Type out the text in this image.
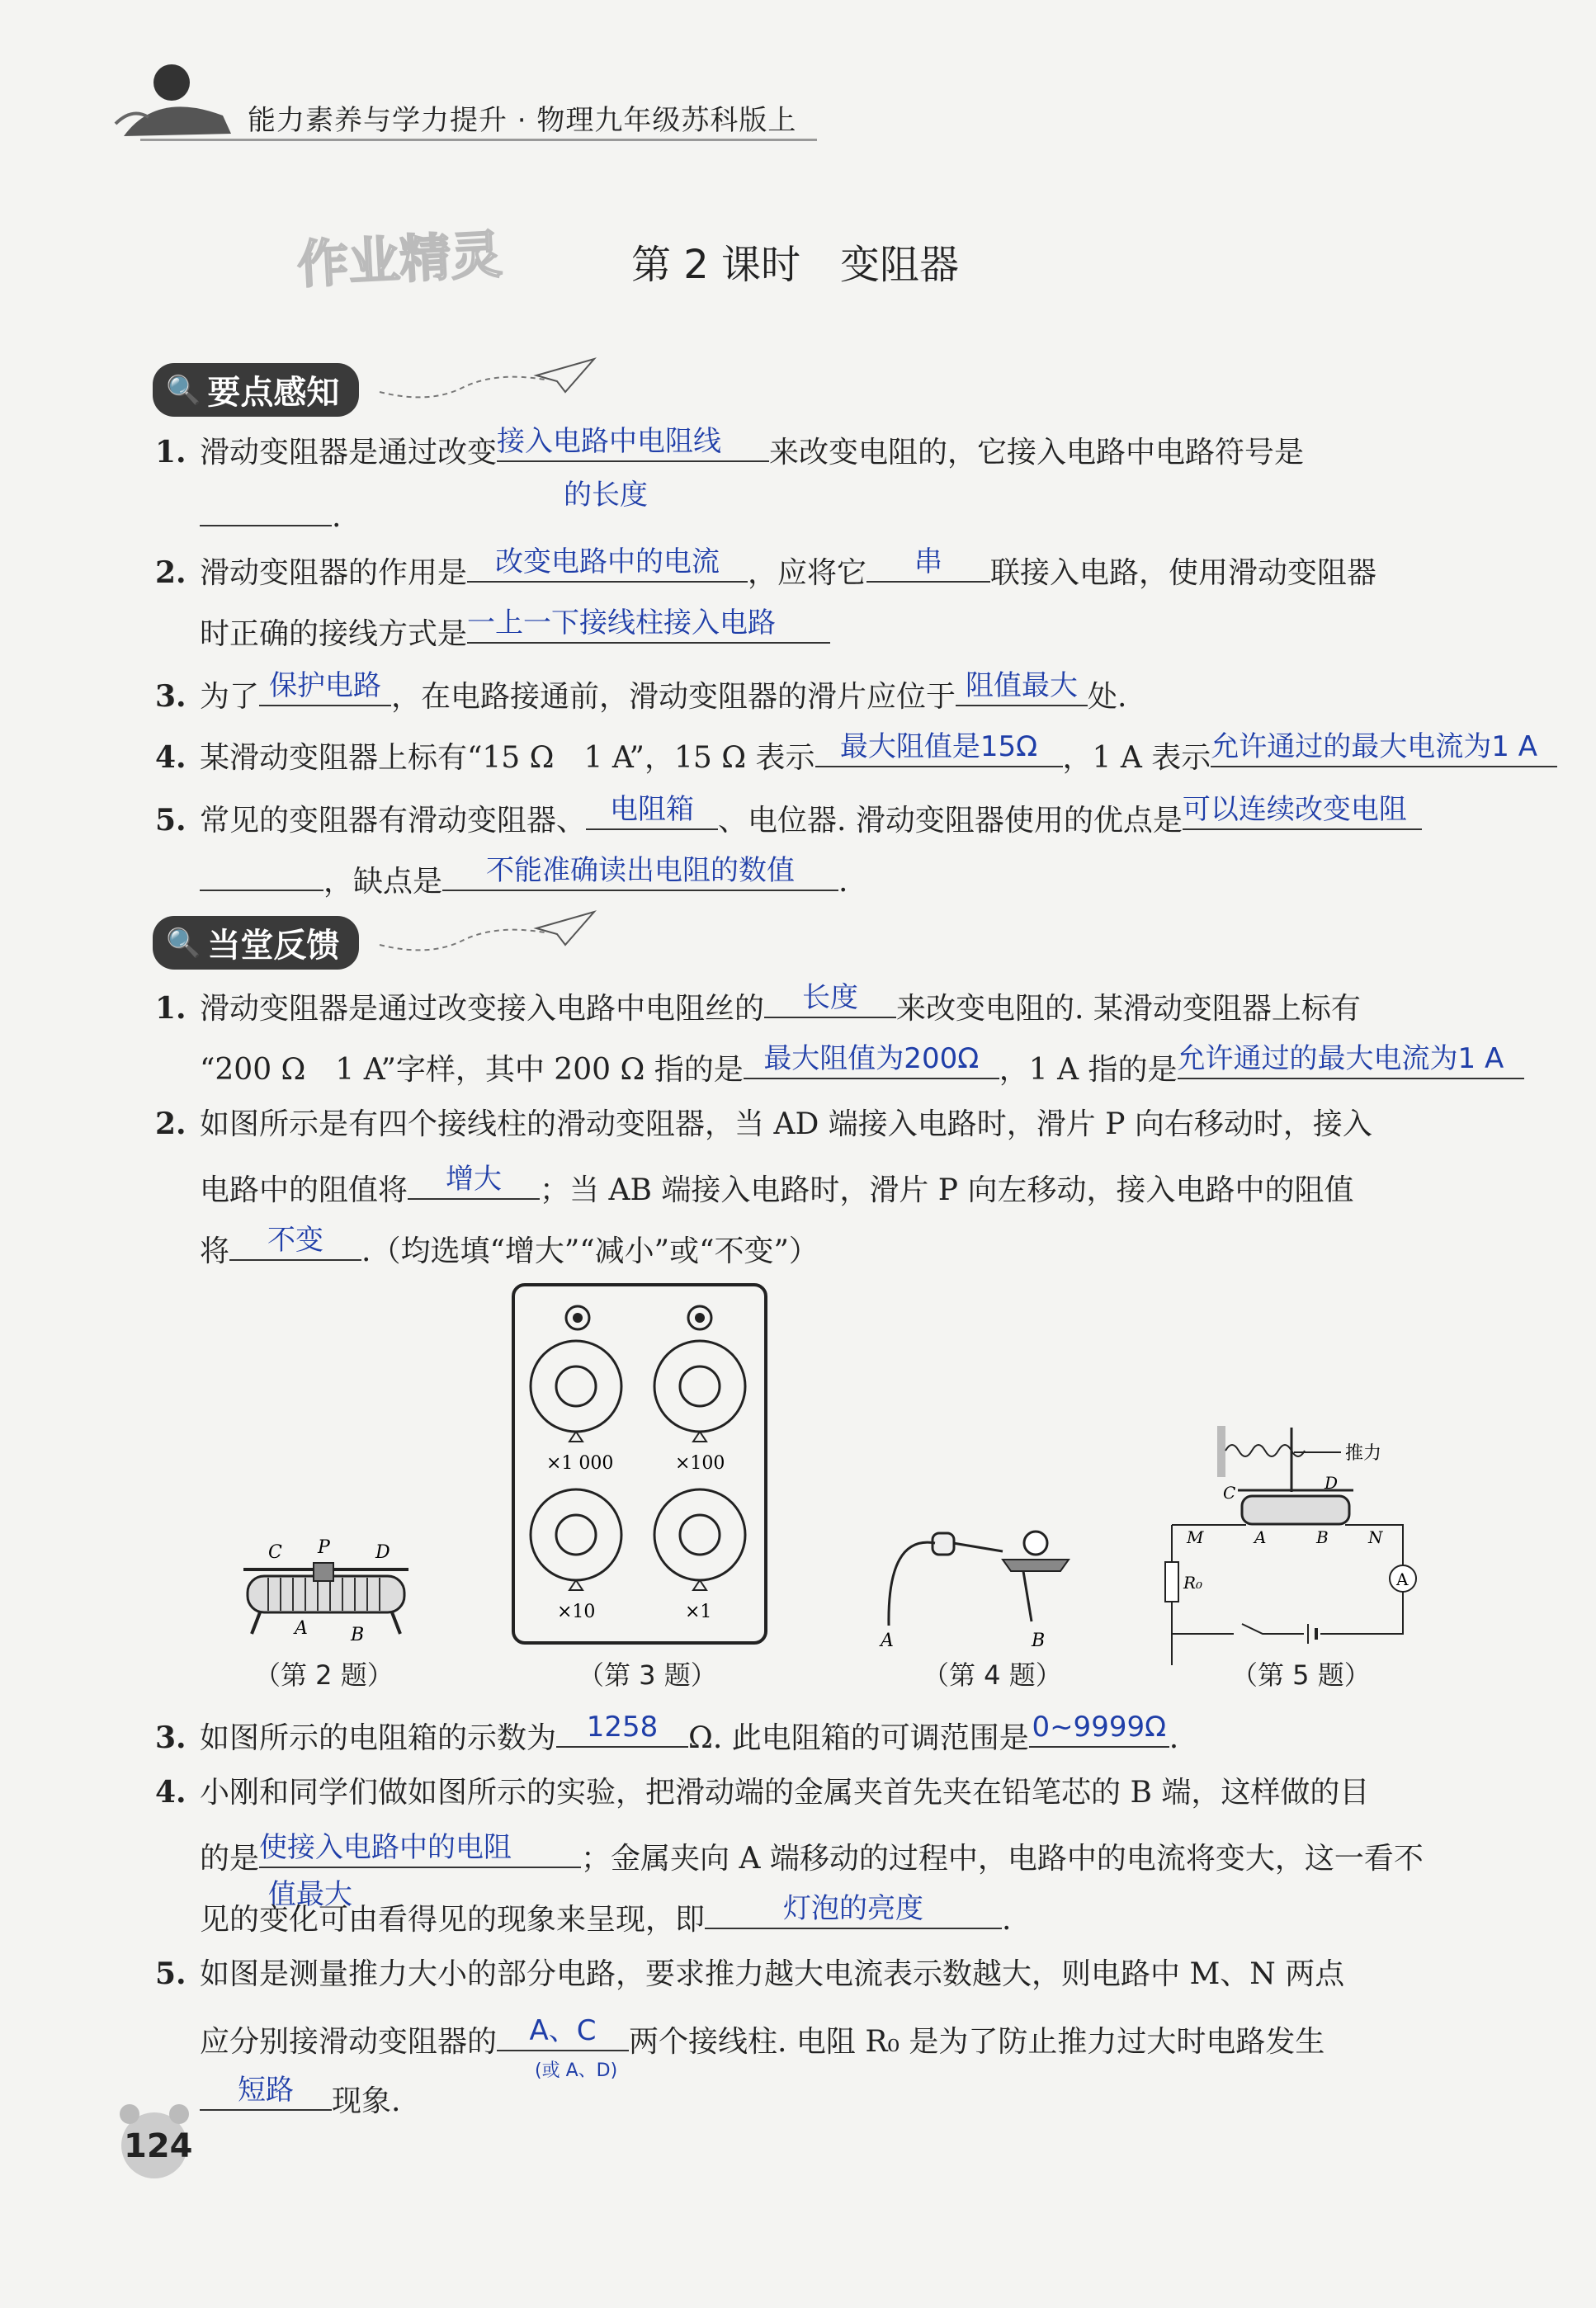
能力素养与学力提升 · 物理九年级苏科版上
作业精灵	第 2 课时　变阻器
🔍 要点感知
1. 滑动变阻器是通过改变 接入电路中电阻线	来改变电阻的，它接入电路中电路符号是
的长度
.
2. 滑动变阻器的作用是	改变电路中的电流 ，应将它	串	联接入电路，使用滑动变阻器
时正确的接线方式是 一上一下接线柱接入电路
3. 为了 保护电路 ，在电路接通前，滑动变阻器的滑片应位于 阻值最大 处.
4. 某滑动变阻器上标有“15 Ω　1 A”，15 Ω 表示 最大阻值是15Ω ，1 A 表示 允许通过的最大电流为1 A
5. 常见的变阻器有滑动变阻器、 电阻箱 、电位器. 滑动变阻器使用的优点是 可以连续改变电阻
，缺点是	不能准确读出电阻的数值	.
🔍 当堂反馈
1. 滑动变阻器是通过改变接入电路中电阻丝的	长度	来改变电阻的. 某滑动变阻器上标有
“200 Ω　1 A”字样，其中 200 Ω 指的是 最大阻值为200Ω ，1 A 指的是 允许通过的最大电流为1 A
2. 如图所示是有四个接线柱的滑动变阻器，当 AD 端接入电路时，滑片 P 向右移动时，接入
电路中的阻值将	增大	；当 AB 端接入电路时，滑片 P 向左移动，接入电路中的阻值
将	不变	.（均选填“增大”“减小”或“不变”）
C P	D
A B
（第 2 题）
×1 000	×100
×10	×1
（第 3 题）
A	B
（第 4 题）
推力
D
C
M	A	B N
R₀	A
（第 5 题）
3. 如图所示的电阻箱的示数为	1258	Ω. 此电阻箱的可调范围是 0~9999Ω .
4. 小刚和同学们做如图所示的实验，把滑动端的金属夹首先夹在铅笔芯的 B 端，这样做的目
的是 使接入电路中的电阻	；金属夹向 A 端移动的过程中，电路中的电流将变大，这一看不
值最大
见的变化可由看得见的现象来呈现，即	灯泡的亮度	.
5. 如图是测量推力大小的部分电路，要求推力越大电流表示数越大，则电路中 M、N 两点
应分别接滑动变阻器的	A、C	两个接线柱. 电阻 R₀ 是为了防止推力过大时电路发生
(或 A、D)
短路	现象.
124
